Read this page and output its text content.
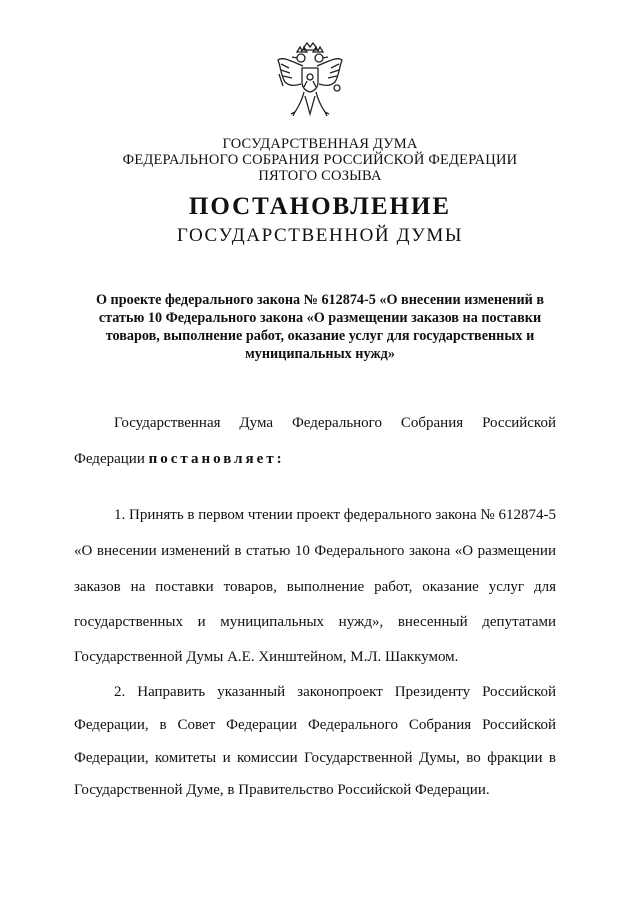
ГОСУДАРСТВЕННАЯ ДУМА
ФЕДЕРАЛЬНОГО СОБРАНИЯ РОССИЙСКОЙ ФЕДЕРАЦИИ
ПЯТОГО СОЗЫВА
ПОСТАНОВЛЕНИЕ
ГОСУДАРСТВЕННОЙ ДУМЫ
О проекте федерального закона № 612874-5 «О внесении изменений в
статью 10 Федерального закона «О размещении заказов на поставки
товаров, выполнение работ, оказание услуг для государственных и
муниципальных нужд»
Государственная Дума Федерального Собрания Российской
Федерации постановляет:
1. Принять в первом чтении проект федерального закона № 612874-5
«О внесении изменений в статью 10 Федерального закона «О размещении
заказов на поставки товаров, выполнение работ, оказание услуг для
государственных и муниципальных нужд», внесенный депутатами
Государственной Думы А.Е. Хинштейном, М.Л. Шаккумом.
2. Направить указанный законопроект Президенту Российской
Федерации, в Совет Федерации Федерального Собрания Российской
Федерации, комитеты и комиссии Государственной Думы, во фракции в
Государственной Думе, в Правительство Российской Федерации.
